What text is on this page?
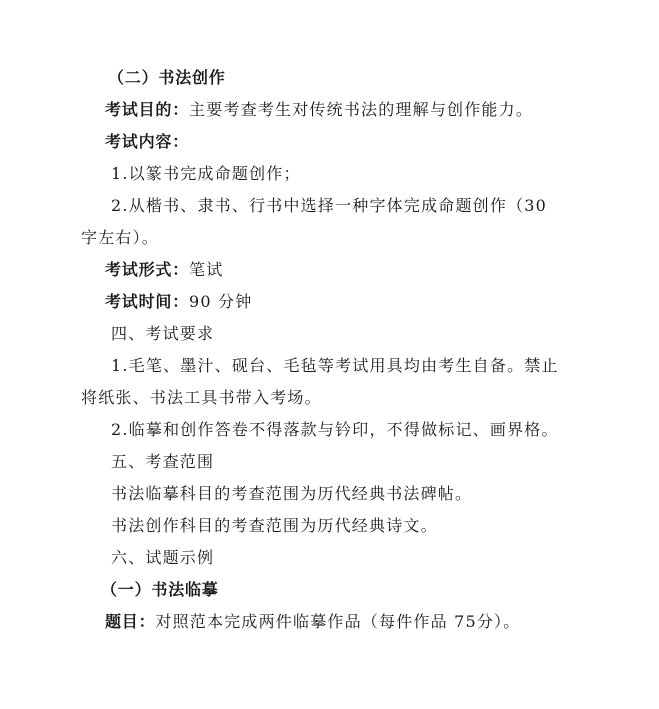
（二）书法创作
考试目的：主要考查考生对传统书法的理解与创作能力。
考试内容：
1.以篆书完成命题创作；
2.从楷书、隶书、行书中选择一种字体完成命题创作（30
字左右）。
考试形式：笔试
考试时间：90 分钟
四、考试要求
1.毛笔、墨汁、砚台、毛毡等考试用具均由考生自备。禁止
将纸张、书法工具书带入考场。
2.临摹和创作答卷不得落款与钤印，不得做标记、画界格。
五、考查范围
书法临摹科目的考查范围为历代经典书法碑帖。
书法创作科目的考查范围为历代经典诗文。
六、试题示例
（一）书法临摹
题目：对照范本完成两件临摹作品（每件作品 75分）。
